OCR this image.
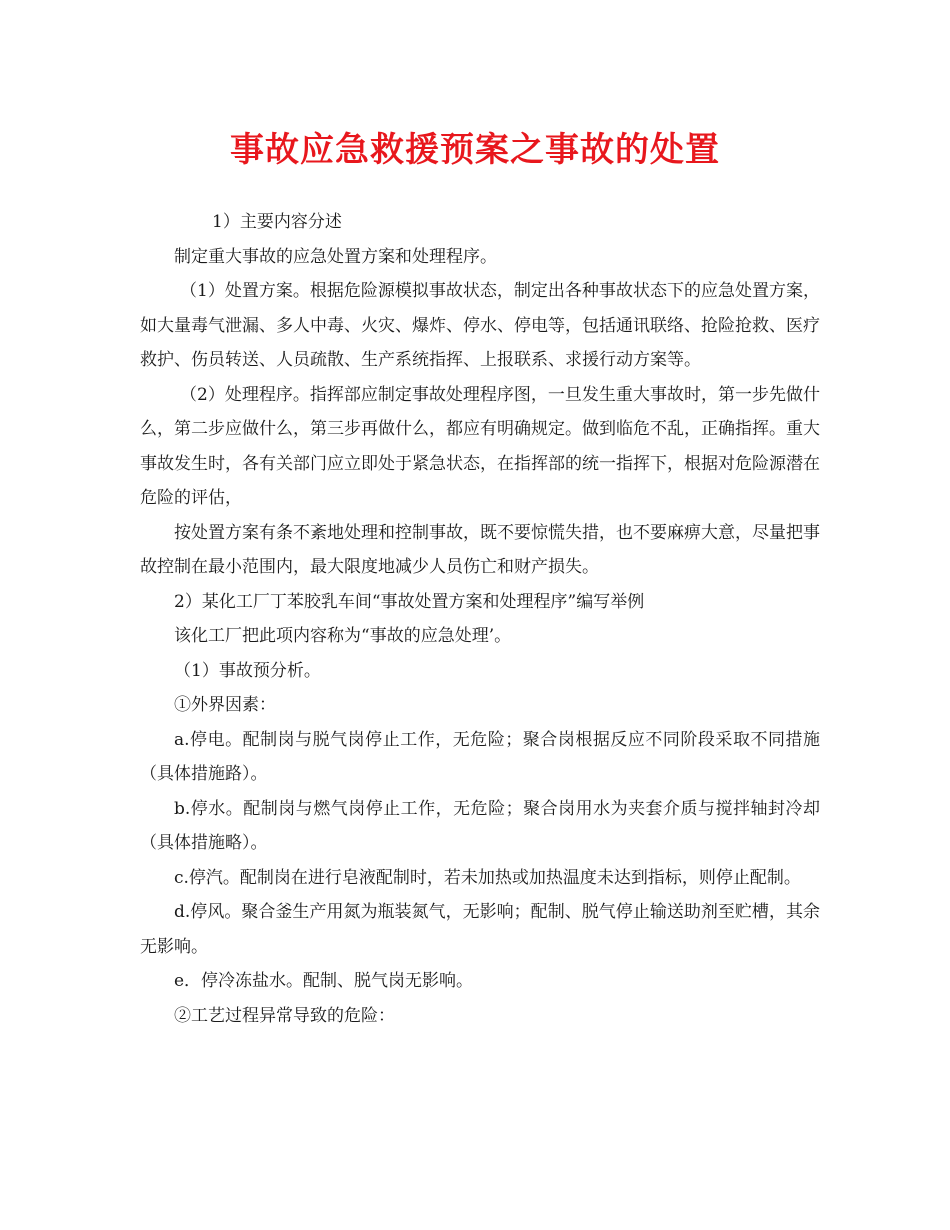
事故应急救援预案之事故的处置

1）主要内容分述

制定重大事故的应急处置方案和处理程序。

（1）处置方案。根据危险源模拟事故状态，制定出各种事故状态下的应急处置方案，如大量毒气泄漏、多人中毒、火灾、爆炸、停水、停电等，包括通讯联络、抢险抢救、医疗救护、伤员转送、人员疏散、生产系统指挥、上报联系、求援行动方案等。

（2）处理程序。指挥部应制定事故处理程序图，一旦发生重大事故时，第一步先做什么，第二步应做什么，第三步再做什么，都应有明确规定。做到临危不乱，正确指挥。重大事故发生时，各有关部门应立即处于紧急状态，在指挥部的统一指挥下，根据对危险源潜在危险的评估，

按处置方案有条不紊地处理和控制事故，既不要惊慌失措，也不要麻痹大意，尽量把事故控制在最小范围内，最大限度地减少人员伤亡和财产损失。

2）某化工厂丁苯胶乳车间“事故处置方案和处理程序”编写举例

该化工厂把此项内容称为“事故的应急处理’。

（1）事故预分析。

①外界因素：

a.停电。配制岗与脱气岗停止工作，无危险；聚合岗根据反应不同阶段采取不同措施（具体措施路）。

b.停水。配制岗与燃气岗停止工作，无危险；聚合岗用水为夹套介质与搅拌轴封冷却（具体措施略）。

c.停汽。配制岗在进行皂液配制时，若未加热或加热温度未达到指标，则停止配制。

d.停风。聚合釜生产用氮为瓶装氮气，无影响；配制、脱气停止输送助剂至贮槽，其余无影响。

e．停冷冻盐水。配制、脱气岗无影响。

②工艺过程异常导致的危险：
